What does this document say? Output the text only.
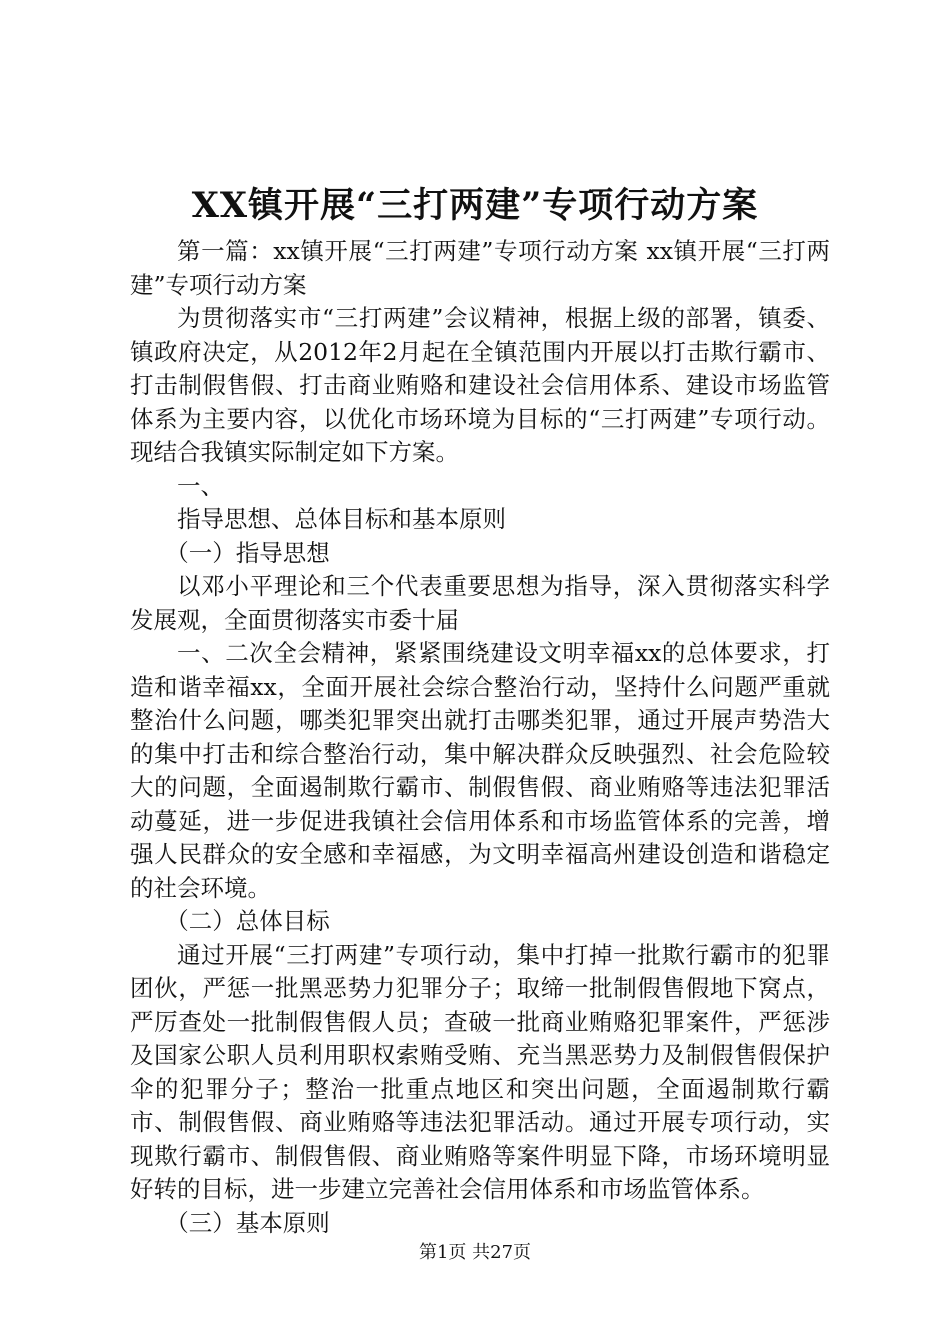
XX镇开展“三打两建”专项行动方案

第一篇：xx镇开展“三打两建”专项行动方案 xx镇开展“三打两建”专项行动方案

为贯彻落实市“三打两建”会议精神，根据上级的部署，镇委、镇政府决定，从2012年2月起在全镇范围内开展以打击欺行霸市、打击制假售假、打击商业贿赂和建设社会信用体系、建设市场监管体系为主要内容，以优化市场环境为目标的“三打两建”专项行动。现结合我镇实际制定如下方案。

一、

指导思想、总体目标和基本原则

（一）指导思想

以邓小平理论和三个代表重要思想为指导，深入贯彻落实科学发展观，全面贯彻落实市委十届

一、二次全会精神，紧紧围绕建设文明幸福xx的总体要求，打造和谐幸福xx，全面开展社会综合整治行动，坚持什么问题严重就整治什么问题，哪类犯罪突出就打击哪类犯罪，通过开展声势浩大的集中打击和综合整治行动，集中解决群众反映强烈、社会危险较大的问题，全面遏制欺行霸市、制假售假、商业贿赂等违法犯罪活动蔓延，进一步促进我镇社会信用体系和市场监管体系的完善，增强人民群众的安全感和幸福感，为文明幸福高州建设创造和谐稳定的社会环境。

（二）总体目标

通过开展“三打两建”专项行动，集中打掉一批欺行霸市的犯罪团伙，严惩一批黑恶势力犯罪分子；取缔一批制假售假地下窝点，严厉查处一批制假售假人员；查破一批商业贿赂犯罪案件，严惩涉及国家公职人员利用职权索贿受贿、充当黑恶势力及制假售假保护伞的犯罪分子；整治一批重点地区和突出问题，全面遏制欺行霸市、制假售假、商业贿赂等违法犯罪活动。通过开展专项行动，实现欺行霸市、制假售假、商业贿赂等案件明显下降，市场环境明显好转的目标，进一步建立完善社会信用体系和市场监管体系。

（三）基本原则

第1页 共27页
